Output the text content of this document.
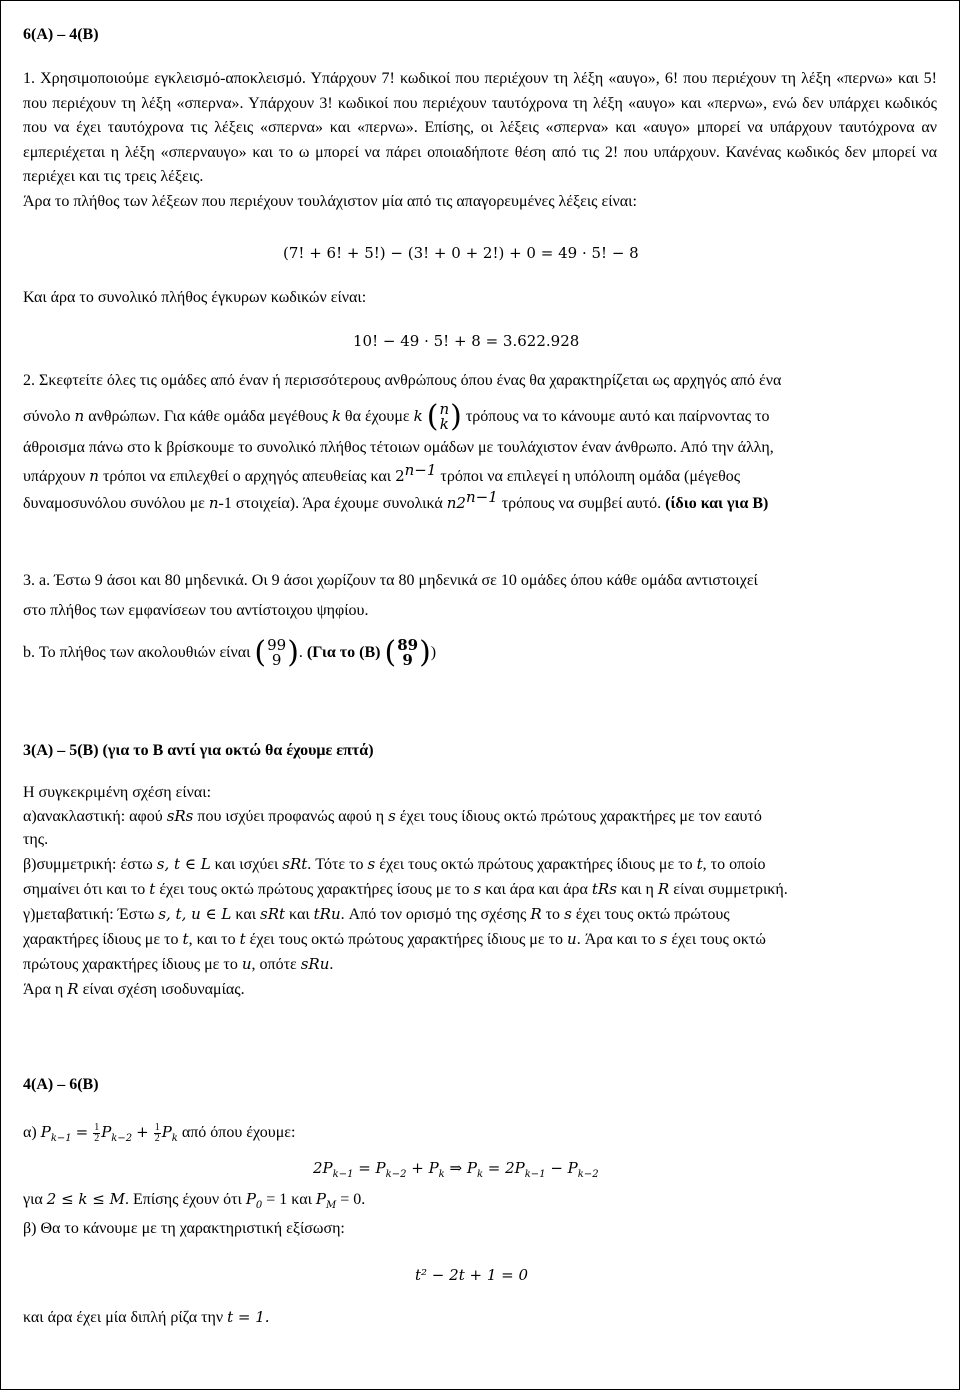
6(A) – 4(B)

1. Χρησιμοποιούμε εγκλεισμό-αποκλεισμό. Υπάρχουν 7! κωδικοί που περιέχουν τη λέξη «αυγο», 6! που περιέχουν τη λέξη «περνω» και 5! που περιέχουν τη λέξη «σπερνα». Υπάρχουν 3! κωδικοί που περιέχουν ταυτόχρονα τη λέξη «αυγο» και «περνω», ενώ δεν υπάρχει κωδικός που να έχει ταυτόχρονα τις λέξεις «σπερνα» και «περνω». Επίσης, οι λέξεις «σπερνα» και «αυγο» μπορεί να υπάρχουν ταυτόχρονα αν εμπεριέχεται η λέξη «σπερναυγο» και το ω μπορεί να πάρει οποιαδήποτε θέση από τις 2! που υπάρχουν. Κανένας κωδικός δεν μπορεί να περιέχει και τις τρεις λέξεις.

Άρα το πλήθος των λέξεων που περιέχουν τουλάχιστον μία από τις απαγορευμένες λέξεις είναι:

(7! + 6! + 5!) − (3! + 0 + 2!) + 0 = 49 · 5! − 8
Και άρα το συνολικό πλήθος έγκυρων κωδικών είναι:
10! − 49 · 5! + 8 = 3.622.928

2. Σκεφτείτε όλες τις ομάδες από έναν ή περισσότερους ανθρώπους όπου ένας θα χαρακτηρίζεται ως αρχηγός από ένα

σύνολο n ανθρώπων. Για κάθε ομάδα μεγέθους k θα έχουμε k ( n
k ) τρόπους να το κάνουμε αυτό και παίρνοντας το

άθροισμα πάνω στο k βρίσκουμε το συνολικό πλήθος τέτοιων ομάδων με τουλάχιστον έναν άνθρωπο. Από την άλλη,

υπάρχουν n τρόποι να επιλεχθεί ο αρχηγός απευθείας και $2^{n-1}$ τρόποι να επιλεγεί η υπόλοιπη ομάδα (μέγεθος

δυναμοσυνόλου συνόλου με n-1 στοιχεία). Άρα έχουμε συνολικά $n2^{n-1}$ τρόπους να συμβεί αυτό. (ίδιο και για Β)

3. a. Έστω 9 άσοι και 80 μηδενικά. Οι 9 άσοι χωρίζουν τα 80 μηδενικά σε 10 ομάδες όπου κάθε ομάδα αντιστοιχεί

στο πλήθος των εμφανίσεων του αντίστοιχου ψηφίου.

b. Το πλήθος των ακολουθιών είναι ( 99
9 ) . (Για το (Β) ( 89
9 ) )

3(Α) – 5(Β) (για το Β αντί για οκτώ θα έχουμε επτά)

Η συγκεκριμένη σχέση είναι:

α)ανακλαστική: αφού sRs που ισχύει προφανώς αφού η s έχει τους ίδιους οκτώ πρώτους χαρακτήρες με τον εαυτό

της.

β)συμμετρική: έστω s, t ∈ L και ισχύει sRt. Τότε το s έχει τους οκτώ πρώτους χαρακτήρες ίδιους με το t, το οποίο

σημαίνει ότι και το t έχει τους οκτώ πρώτους χαρακτήρες ίσους με το s και άρα και άρα tRs και η R είναι συμμετρική.

γ)μεταβατική: Έστω s, t, u ∈ L και sRt και tRu. Από τον ορισμό της σχέσης R το s έχει τους οκτώ πρώτους

χαρακτήρες ίδιους με το t, και το t έχει τους οκτώ πρώτους χαρακτήρες ίδιους με το u. Άρα και το s έχει τους οκτώ

πρώτους χαρακτήρες ίδιους με το u, οπότε sRu.

Άρα η R είναι σχέση ισοδυναμίας.

4(Α) – 6(Β)

α) $P_{k-1} = \frac{1}{2} P_{k-2} + \frac{1}{2} P_k$ από όπου έχουμε:

$2P_{k-1} = P_{k-2} + P_k$ ⇒ $P_k = 2P_{k-1} - P_{k-2}$
για 2 ≤ k ≤ M. Επίσης έχουν ότι $P_0 = 1$ και $P_M = 0$.
β) Θα το κάνουμε με τη χαρακτηριστική εξίσωση:
t² − 2t + 1 = 0
και άρα έχει μία διπλή ρίζα την t = 1.
